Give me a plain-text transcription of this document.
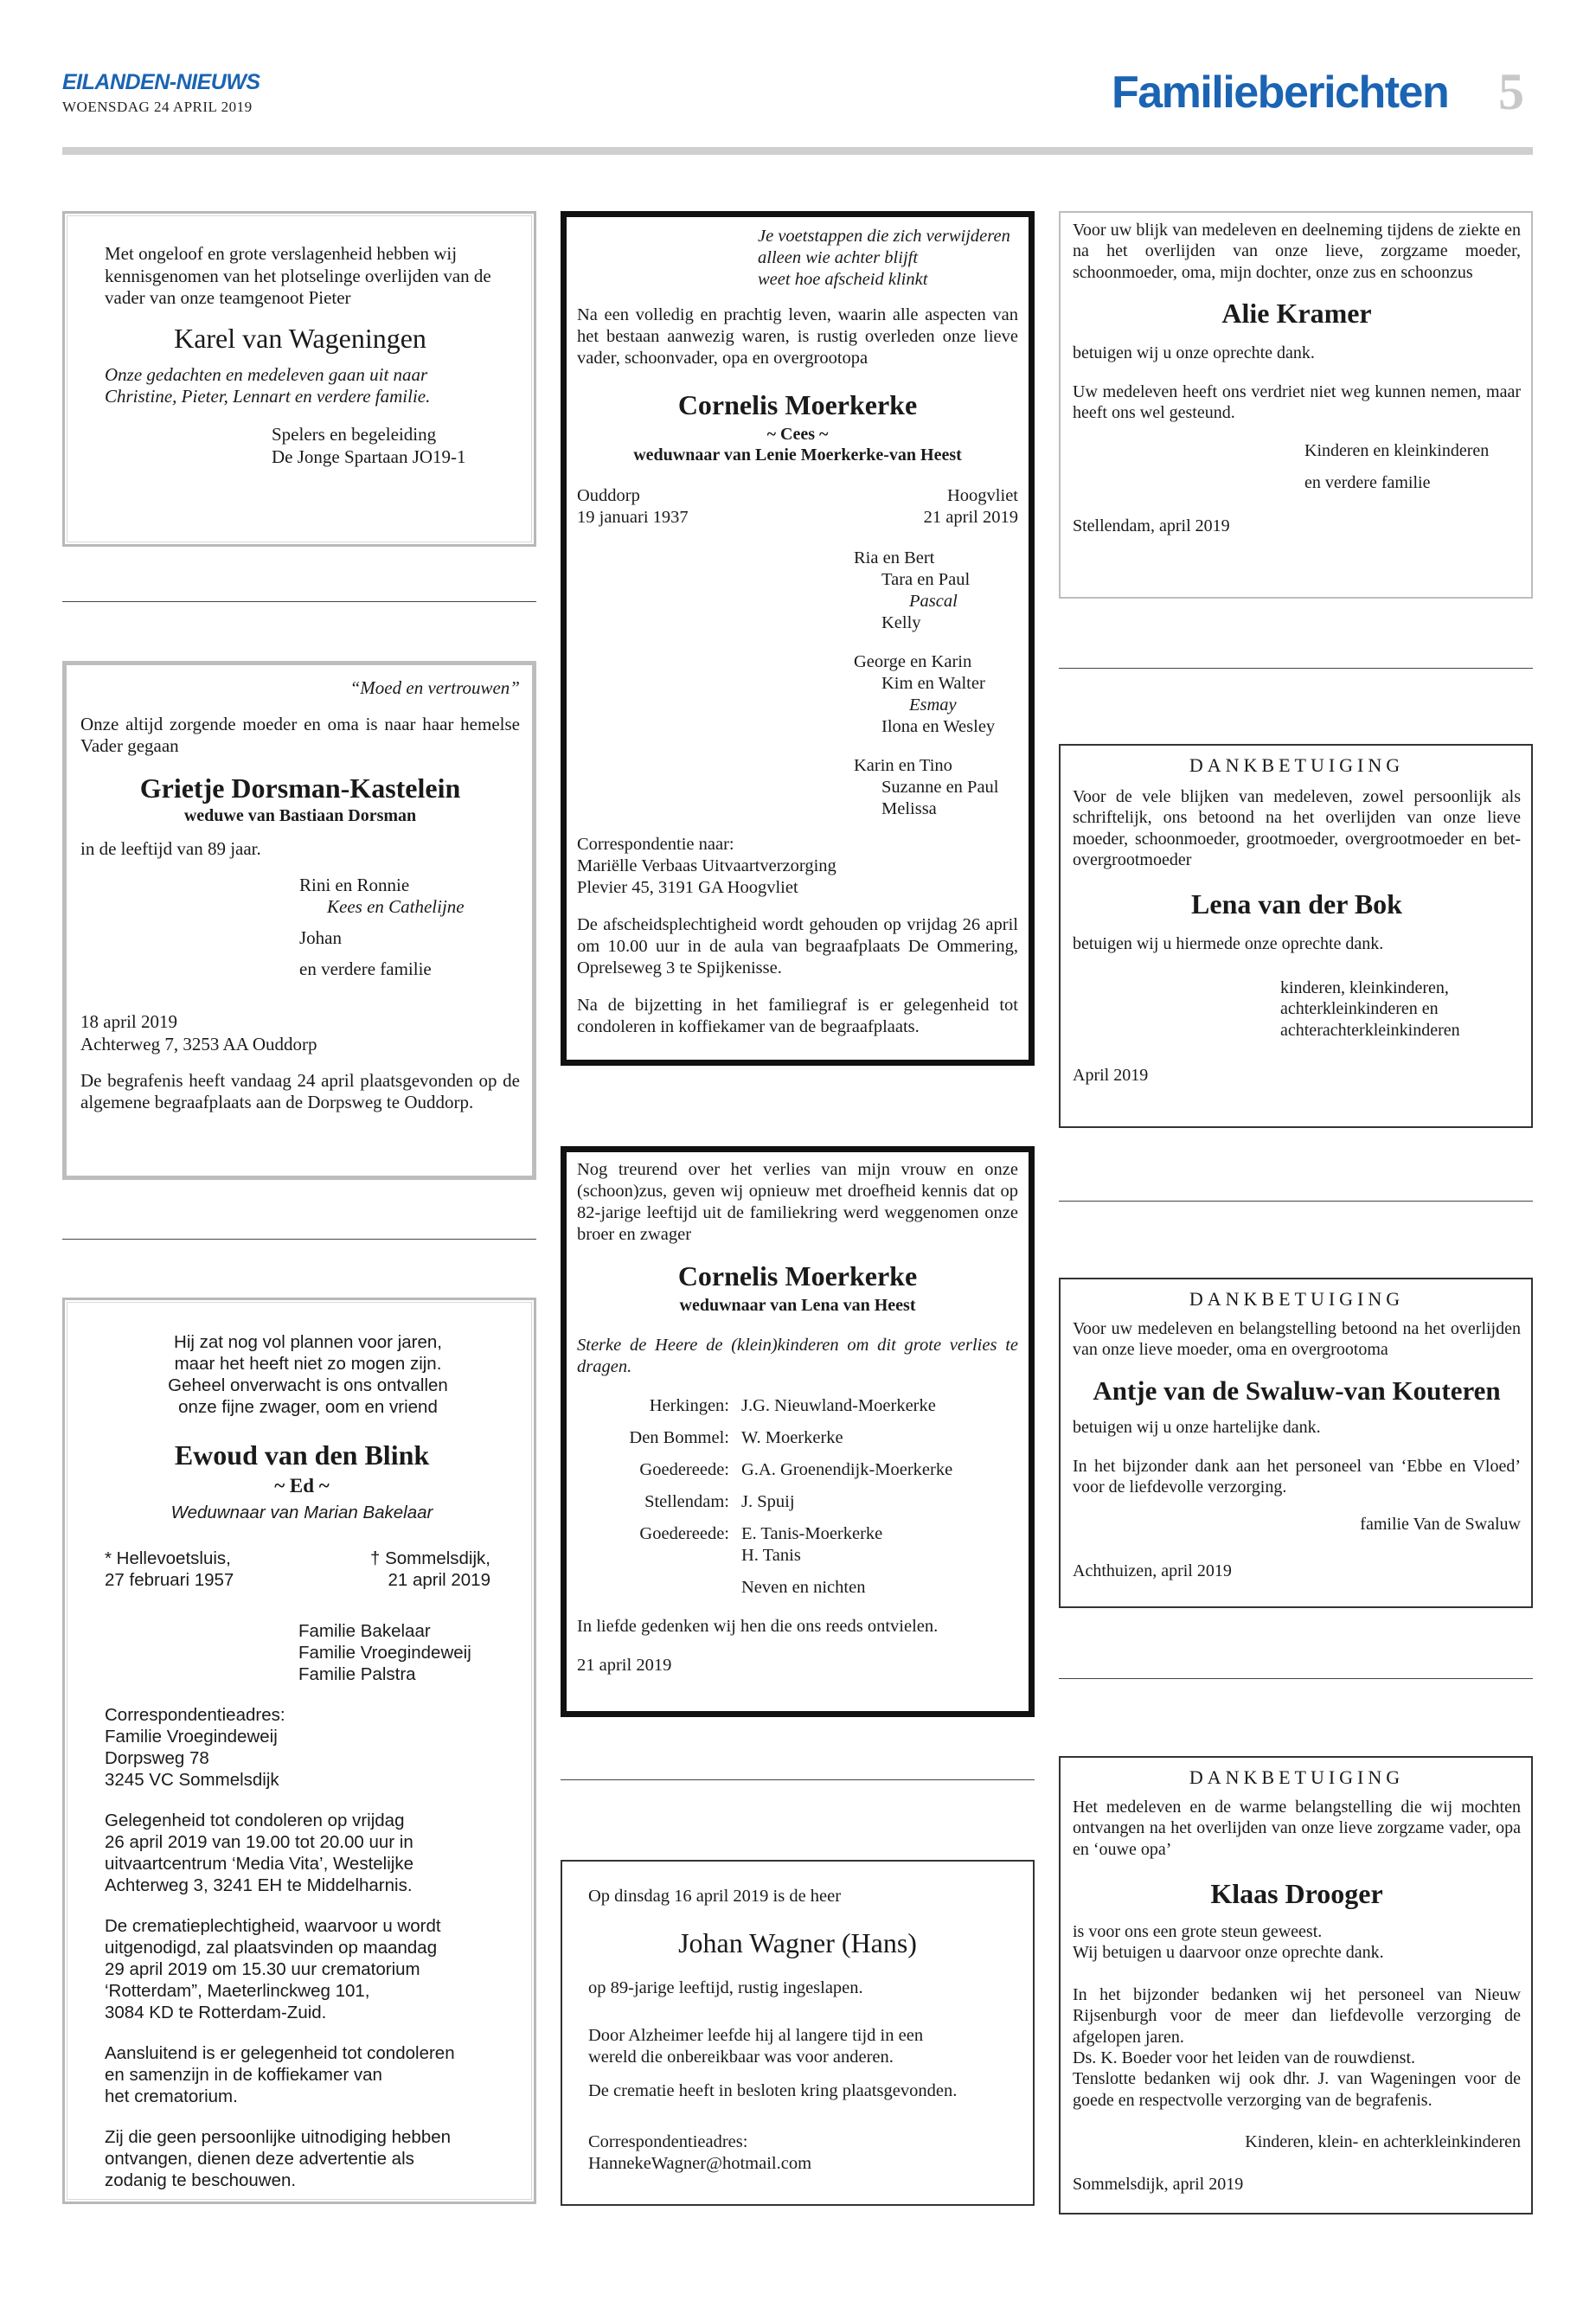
EILANDEN-NIEUWS
WOENSDAG 24 APRIL 2019	Familieberichten 5

Met ongeloof en grote verslagenheid hebben wij kennisgenomen van het plotselinge overlijden van de vader van onze teamgenoot Pieter

Karel van Wageningen

Onze gedachten en medeleven gaan uit naar Christine, Pieter, Lennart en verdere familie.

Spelers en begeleiding

De Jonge Spartaan JO19-1

“Moed en vertrouwen”

Onze altijd zorgende moeder en oma is naar haar hemelse Vader gegaan

Grietje Dorsman-Kastelein
weduwe van Bastiaan Dorsman

in de leeftijd van 89 jaar.

Rini en Ronnie

Kees en Cathelijne

Johan

en verdere familie

18 april 2019

Achterweg 7, 3253 AA Ouddorp

De begrafenis heeft vandaag 24 april plaatsgevonden op de algemene begraafplaats aan de Dorpsweg te Ouddorp.

Hij zat nog vol plannen voor jaren,

maar het heeft niet zo mogen zijn.

Geheel onverwacht is ons ontvallen

onze fijne zwager, oom en vriend

Ewoud van den Blink
~ Ed ~
Weduwnaar van Marian Bakelaar

* Hellevoetsluis,

27 februari 1957

† Sommelsdijk,

21 april 2019

Familie Bakelaar

Familie Vroegindeweij

Familie Palstra

Correspondentieadres:

Familie Vroegindeweij

Dorpsweg 78

3245 VC Sommelsdijk

Gelegenheid tot condoleren op vrijdag

26 april 2019 van 19.00 tot 20.00 uur in

uitvaartcentrum ‘Media Vita’, Westelijke

Achterweg 3, 3241 EH te Middelharnis.

De crematieplechtigheid, waarvoor u wordt

uitgenodigd, zal plaatsvinden op maandag

29 april 2019 om 15.30 uur crematorium

‘Rotterdam”, Maeterlinckweg 101,

3084 KD te Rotterdam-Zuid.

Aansluitend is er gelegenheid tot condoleren

en samenzijn in de koffiekamer van

het crematorium.

Zij die geen persoonlijke uitnodiging hebben

ontvangen, dienen deze advertentie als

zodanig te beschouwen.

Je voetstappen die zich verwijderen

alleen wie achter blijft

weet hoe afscheid klinkt

Na een volledig en prachtig leven, waarin alle aspecten van het bestaan aanwezig waren, is rustig overleden onze lieve vader, schoonvader, opa en overgrootopa

Cornelis Moerkerke
~ Cees ~
weduwnaar van Lenie Moerkerke-van Heest

Ouddorp

19 januari 1937

Hoogvliet

21 april 2019

Ria en Bert

Tara en Paul

Pascal

Kelly

George en Karin

Kim en Walter

Esmay

Ilona en Wesley

Karin en Tino

Suzanne en Paul

Melissa

Correspondentie naar:

Mariëlle Verbaas Uitvaartverzorging

Plevier 45, 3191 GA Hoogvliet

De afscheidsplechtigheid wordt gehouden op vrijdag 26 april om 10.00 uur in de aula van begraafplaats De Ommering, Oprelseweg 3 te Spijkenisse.

Na de bijzetting in het familiegraf is er gelegenheid tot condoleren in koffiekamer van de begraafplaats.

Nog treurend over het verlies van mijn vrouw en onze (schoon)zus, geven wij opnieuw met droefheid kennis dat op 82-jarige leeftijd uit de familiekring werd weggenomen onze broer en zwager

Cornelis Moerkerke
weduwnaar van Lena van Heest

Sterke de Heere de (klein)kinderen om dit grote verlies te dragen.

Herkingen: J.G. Nieuwland-Moerkerke
Den Bommel: W. Moerkerke
Goedereede: G.A. Groenendijk-Moerkerke
Stellendam: J. Spuij
Goedereede: E. Tanis-Moerkerke
H. Tanis

Neven en nichten

In liefde gedenken wij hen die ons reeds ontvielen.

21 april 2019

Op dinsdag 16 april 2019 is de heer

Johan Wagner (Hans)

op 89-jarige leeftijd, rustig ingeslapen.

Door Alzheimer leefde hij al langere tijd in een

wereld die onbereikbaar was voor anderen.

De crematie heeft in besloten kring plaatsgevonden.

Correspondentieadres:

HannekeWagner@hotmail.com

Voor uw blijk van medeleven en deelneming tijdens de ziekte en na het overlijden van onze lieve, zorgzame moeder, schoonmoeder, oma, mijn dochter, onze zus en schoonzus

Alie Kramer

betuigen wij u onze oprechte dank.

Uw medeleven heeft ons verdriet niet weg kunnen nemen, maar heeft ons wel gesteund.

Kinderen en kleinkinderen

en verdere familie

Stellendam, april 2019

DANKBETUIGING

Voor de vele blijken van medeleven, zowel persoonlijk als schriftelijk, ons betoond na het overlijden van onze lieve moeder, schoonmoeder, grootmoeder, overgrootmoeder en bet-overgrootmoeder

Lena van der Bok

betuigen wij u hiermede onze oprechte dank.

kinderen, kleinkinderen,

achterkleinkinderen en

achterachterkleinkinderen

April 2019

DANKBETUIGING

Voor uw medeleven en belangstelling betoond na het overlijden van onze lieve moeder, oma en overgrootoma

Antje van de Swaluw-van Kouteren

betuigen wij u onze hartelijke dank.

In het bijzonder dank aan het personeel van ‘Ebbe en Vloed’ voor de liefdevolle verzorging.

familie Van de Swaluw

Achthuizen, april 2019

DANKBETUIGING

Het medeleven en de warme belangstelling die wij mochten ontvangen na het overlijden van onze lieve zorgzame vader, opa en ‘ouwe opa’

Klaas Drooger

is voor ons een grote steun geweest.

Wij betuigen u daarvoor onze oprechte dank.

In het bijzonder bedanken wij het personeel van Nieuw Rijsenburgh voor de meer dan liefdevolle verzorging de afgelopen jaren.

Ds. K. Boeder voor het leiden van de rouwdienst.

Tenslotte bedanken wij ook dhr. J. van Wageningen voor de goede en respectvolle verzorging van de begrafenis.

Kinderen, klein- en achterkleinkinderen

Sommelsdijk, april 2019
